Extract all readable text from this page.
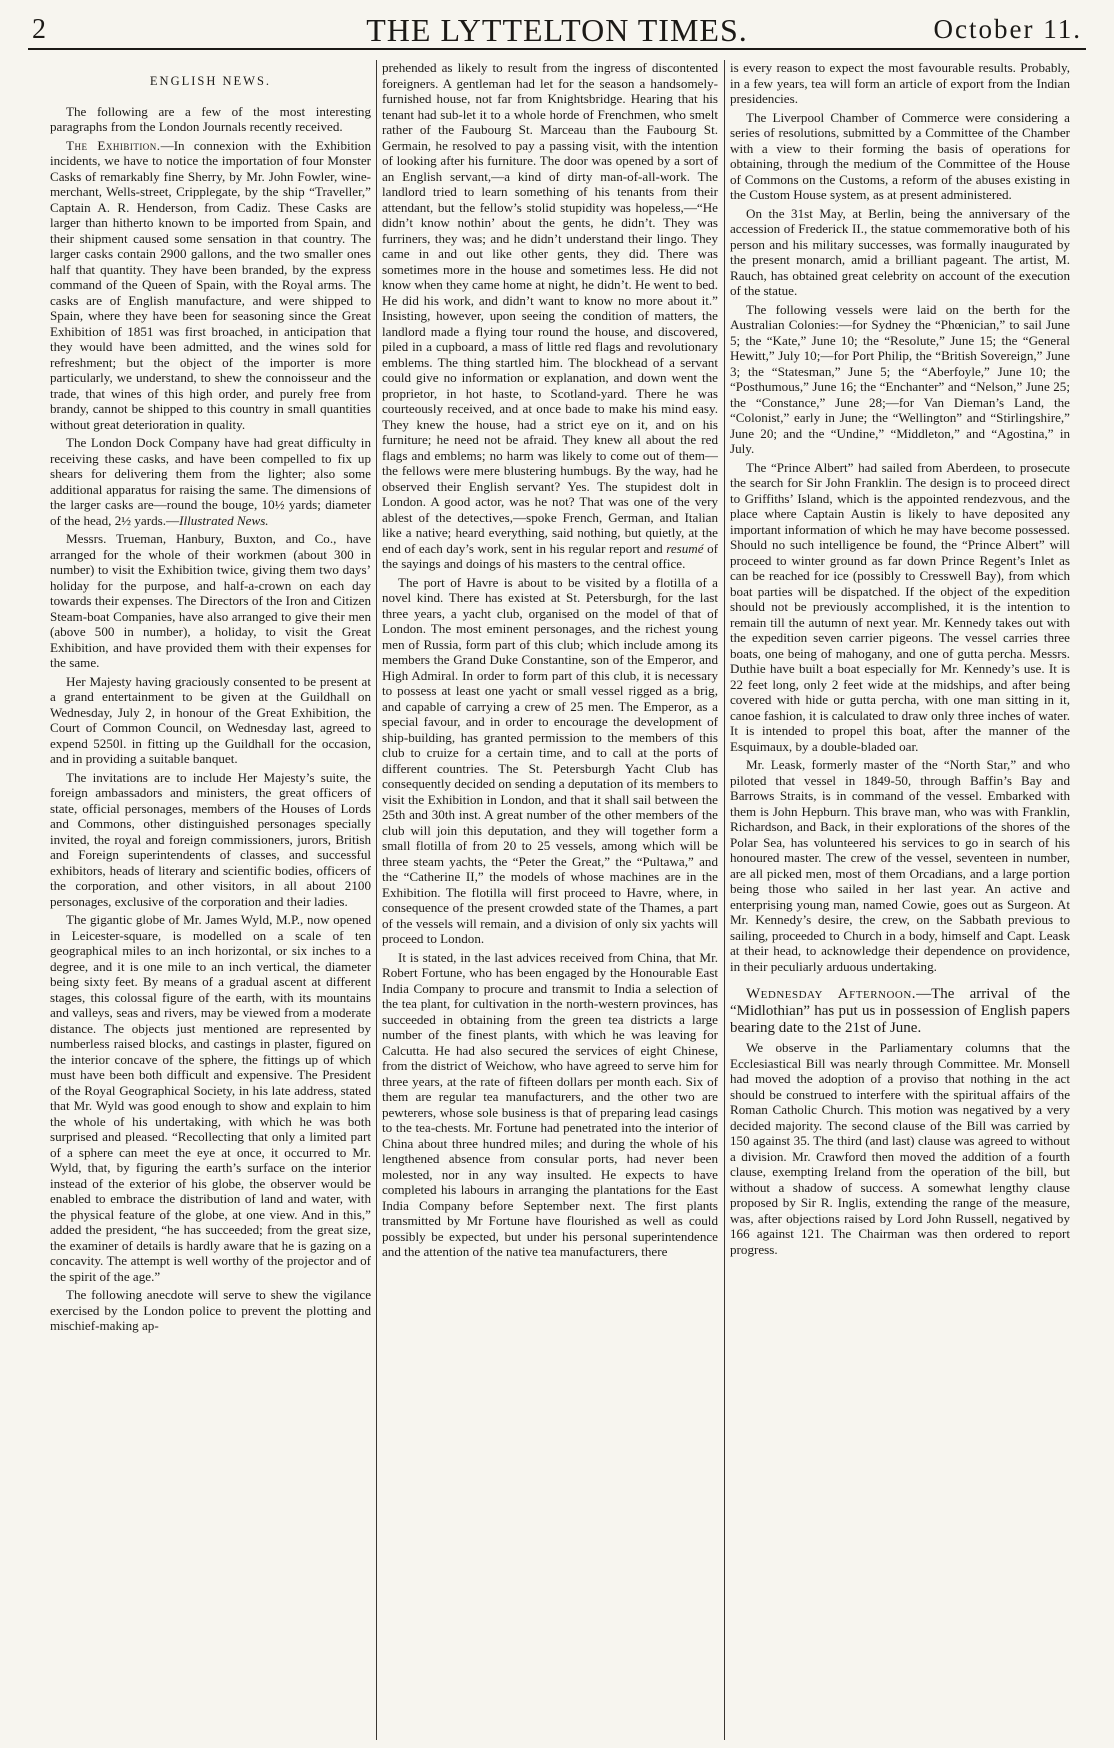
2	THE LYTTELTON TIMES.	October 11.
ENGLISH NEWS.

The following are a few of the most interesting paragraphs from the London Journals recently received.

The Exhibition.—In connexion with the Exhibition incidents, we have to notice the importation of four Monster Casks of remarkably fine Sherry, by Mr. John Fowler, wine-merchant, Wells-street, Cripplegate, by the ship “Traveller,” Captain A. R. Henderson, from Cadiz. These Casks are larger than hitherto known to be imported from Spain, and their shipment caused some sensation in that country. The larger casks contain 2900 gallons, and the two smaller ones half that quantity. They have been branded, by the express command of the Queen of Spain, with the Royal arms. The casks are of English manufacture, and were shipped to Spain, where they have been for seasoning since the Great Exhibition of 1851 was first broached, in anticipation that they would have been admitted, and the wines sold for refreshment; but the object of the importer is more particularly, we understand, to shew the connoisseur and the trade, that wines of this high order, and purely free from brandy, cannot be shipped to this country in small quantities without great deterioration in quality.

The London Dock Company have had great difficulty in receiving these casks, and have been compelled to fix up shears for delivering them from the lighter; also some additional apparatus for raising the same. The dimensions of the larger casks are—round the bouge, 10½ yards; diameter of the head, 2½ yards.—Illustrated News.

Messrs. Trueman, Hanbury, Buxton, and Co., have arranged for the whole of their workmen (about 300 in number) to visit the Exhibition twice, giving them two days’ holiday for the purpose, and half-a-crown on each day towards their expenses. The Directors of the Iron and Citizen Steam-boat Companies, have also arranged to give their men (above 500 in number), a holiday, to visit the Great Exhibition, and have provided them with their expenses for the same.

Her Majesty having graciously consented to be present at a grand entertainment to be given at the Guildhall on Wednesday, July 2, in honour of the Great Exhibition, the Court of Common Council, on Wednesday last, agreed to expend 5250l. in fitting up the Guildhall for the occasion, and in providing a suitable banquet.

The invitations are to include Her Majesty’s suite, the foreign ambassadors and ministers, the great officers of state, official personages, members of the Houses of Lords and Commons, other distinguished personages specially invited, the royal and foreign commissioners, jurors, British and Foreign superintendents of classes, and successful exhibitors, heads of literary and scientific bodies, officers of the corporation, and other visitors, in all about 2100 personages, exclusive of the corporation and their ladies.

The gigantic globe of Mr. James Wyld, M.P., now opened in Leicester-square, is modelled on a scale of ten geographical miles to an inch horizontal, or six inches to a degree, and it is one mile to an inch vertical, the diameter being sixty feet. By means of a gradual ascent at different stages, this colossal figure of the earth, with its mountains and valleys, seas and rivers, may be viewed from a moderate distance. The objects just mentioned are represented by numberless raised blocks, and castings in plaster, figured on the interior concave of the sphere, the fittings up of which must have been both difficult and expensive. The President of the Royal Geographical Society, in his late address, stated that Mr. Wyld was good enough to show and explain to him the whole of his undertaking, with which he was both surprised and pleased. “Recollecting that only a limited part of a sphere can meet the eye at once, it occurred to Mr. Wyld, that, by figuring the earth’s surface on the interior instead of the exterior of his globe, the observer would be enabled to embrace the distribution of land and water, with the physical feature of the globe, at one view. And in this,” added the president, “he has succeeded; from the great size, the examiner of details is hardly aware that he is gazing on a concavity. The attempt is well worthy of the projector and of the spirit of the age.”

The following anecdote will serve to shew the vigilance exercised by the London police to prevent the plotting and mischief-making ap-

prehended as likely to result from the ingress of discontented foreigners. A gentleman had let for the season a handsomely-furnished house, not far from Knightsbridge. Hearing that his tenant had sub-let it to a whole horde of Frenchmen, who smelt rather of the Faubourg St. Marceau than the Faubourg St. Germain, he resolved to pay a passing visit, with the intention of looking after his furniture. The door was opened by a sort of an English servant,—a kind of dirty man-of-all-work. The landlord tried to learn something of his tenants from their attendant, but the fellow’s stolid stupidity was hopeless,—“He didn’t know nothin’ about the gents, he didn’t. They was furriners, they was; and he didn’t understand their lingo. They came in and out like other gents, they did. There was sometimes more in the house and sometimes less. He did not know when they came home at night, he didn’t. He went to bed. He did his work, and didn’t want to know no more about it.” Insisting, however, upon seeing the condition of matters, the landlord made a flying tour round the house, and discovered, piled in a cupboard, a mass of little red flags and revolutionary emblems. The thing startled him. The blockhead of a servant could give no information or explanation, and down went the proprietor, in hot haste, to Scotland-yard. There he was courteously received, and at once bade to make his mind easy. They knew the house, had a strict eye on it, and on his furniture; he need not be afraid. They knew all about the red flags and emblems; no harm was likely to come out of them—the fellows were mere blustering humbugs. By the way, had he observed their English servant? Yes. The stupidest dolt in London. A good actor, was he not? That was one of the very ablest of the detectives,—spoke French, German, and Italian like a native; heard everything, said nothing, but quietly, at the end of each day’s work, sent in his regular report and resumé of the sayings and doings of his masters to the central office.

The port of Havre is about to be visited by a flotilla of a novel kind. There has existed at St. Petersburgh, for the last three years, a yacht club, organised on the model of that of London. The most eminent personages, and the richest young men of Russia, form part of this club; which include among its members the Grand Duke Constantine, son of the Emperor, and High Admiral. In order to form part of this club, it is necessary to possess at least one yacht or small vessel rigged as a brig, and capable of carrying a crew of 25 men. The Emperor, as a special favour, and in order to encourage the development of ship-building, has granted permission to the members of this club to cruize for a certain time, and to call at the ports of different countries. The St. Petersburgh Yacht Club has consequently decided on sending a deputation of its members to visit the Exhibition in London, and that it shall sail between the 25th and 30th inst. A great number of the other members of the club will join this deputation, and they will together form a small flotilla of from 20 to 25 vessels, among which will be three steam yachts, the “Peter the Great,” the “Pultawa,” and the “Catherine II,” the models of whose machines are in the Exhibition. The flotilla will first proceed to Havre, where, in consequence of the present crowded state of the Thames, a part of the vessels will remain, and a division of only six yachts will proceed to London.

It is stated, in the last advices received from China, that Mr. Robert Fortune, who has been engaged by the Honourable East India Company to procure and transmit to India a selection of the tea plant, for cultivation in the north-western provinces, has succeeded in obtaining from the green tea districts a large number of the finest plants, with which he was leaving for Calcutta. He had also secured the services of eight Chinese, from the district of Weichow, who have agreed to serve him for three years, at the rate of fifteen dollars per month each. Six of them are regular tea manufacturers, and the other two are pewterers, whose sole business is that of preparing lead casings to the tea-chests. Mr. Fortune had penetrated into the interior of China about three hundred miles; and during the whole of his lengthened absence from consular ports, had never been molested, nor in any way insulted. He expects to have completed his labours in arranging the plantations for the East India Company before September next. The first plants transmitted by Mr Fortune have flourished as well as could possibly be expected, but under his personal superintendence and the attention of the native tea manufacturers, there

is every reason to expect the most favourable results. Probably, in a few years, tea will form an article of export from the Indian presidencies.

The Liverpool Chamber of Commerce were considering a series of resolutions, submitted by a Committee of the Chamber with a view to their forming the basis of operations for obtaining, through the medium of the Committee of the House of Commons on the Customs, a reform of the abuses existing in the Custom House system, as at present administered.

On the 31st May, at Berlin, being the anniversary of the accession of Frederick II., the statue commemorative both of his person and his military successes, was formally inaugurated by the present monarch, amid a brilliant pageant. The artist, M. Rauch, has obtained great celebrity on account of the execution of the statue.

The following vessels were laid on the berth for the Australian Colonies:—for Sydney the “Phœnician,” to sail June 5; the “Kate,” June 10; the “Resolute,” June 15; the “General Hewitt,” July 10;—for Port Philip, the “British Sovereign,” June 3; the “Statesman,” June 5; the “Aberfoyle,” June 10; the “Posthumous,” June 16; the “Enchanter” and “Nelson,” June 25; the “Constance,” June 28;—for Van Dieman’s Land, the “Colonist,” early in June; the “Wellington” and “Stirlingshire,” June 20; and the “Undine,” “Middleton,” and “Agostina,” in July.

The “Prince Albert” had sailed from Aberdeen, to prosecute the search for Sir John Franklin. The design is to proceed direct to Griffiths’ Island, which is the appointed rendezvous, and the place where Captain Austin is likely to have deposited any important information of which he may have become possessed. Should no such intelligence be found, the “Prince Albert” will proceed to winter ground as far down Prince Regent’s Inlet as can be reached for ice (possibly to Cresswell Bay), from which boat parties will be dispatched. If the object of the expedition should not be previously accomplished, it is the intention to remain till the autumn of next year. Mr. Kennedy takes out with the expedition seven carrier pigeons. The vessel carries three boats, one being of mahogany, and one of gutta percha. Messrs. Duthie have built a boat especially for Mr. Kennedy’s use. It is 22 feet long, only 2 feet wide at the midships, and after being covered with hide or gutta percha, with one man sitting in it, canoe fashion, it is calculated to draw only three inches of water. It is intended to propel this boat, after the manner of the Esquimaux, by a double-bladed oar.

Mr. Leask, formerly master of the “North Star,” and who piloted that vessel in 1849-50, through Baffin’s Bay and Barrows Straits, is in command of the vessel. Embarked with them is John Hepburn. This brave man, who was with Franklin, Richardson, and Back, in their explorations of the shores of the Polar Sea, has volunteered his services to go in search of his honoured master. The crew of the vessel, seventeen in number, are all picked men, most of them Orcadians, and a large portion being those who sailed in her last year. An active and enterprising young man, named Cowie, goes out as Surgeon. At Mr. Kennedy’s desire, the crew, on the Sabbath previous to sailing, proceeded to Church in a body, himself and Capt. Leask at their head, to acknowledge their dependence on providence, in their peculiarly arduous undertaking.

Wednesday Afternoon.—The arrival of the “Midlothian” has put us in possession of English papers bearing date to the 21st of June.

We observe in the Parliamentary columns that the Ecclesiastical Bill was nearly through Committee. Mr. Monsell had moved the adoption of a proviso that nothing in the act should be construed to interfere with the spiritual affairs of the Roman Catholic Church. This motion was negatived by a very decided majority. The second clause of the Bill was carried by 150 against 35. The third (and last) clause was agreed to without a division. Mr. Crawford then moved the addition of a fourth clause, exempting Ireland from the operation of the bill, but without a shadow of success. A somewhat lengthy clause proposed by Sir R. Inglis, extending the range of the measure, was, after objections raised by Lord John Russell, negatived by 166 against 121. The Chairman was then ordered to report progress.
